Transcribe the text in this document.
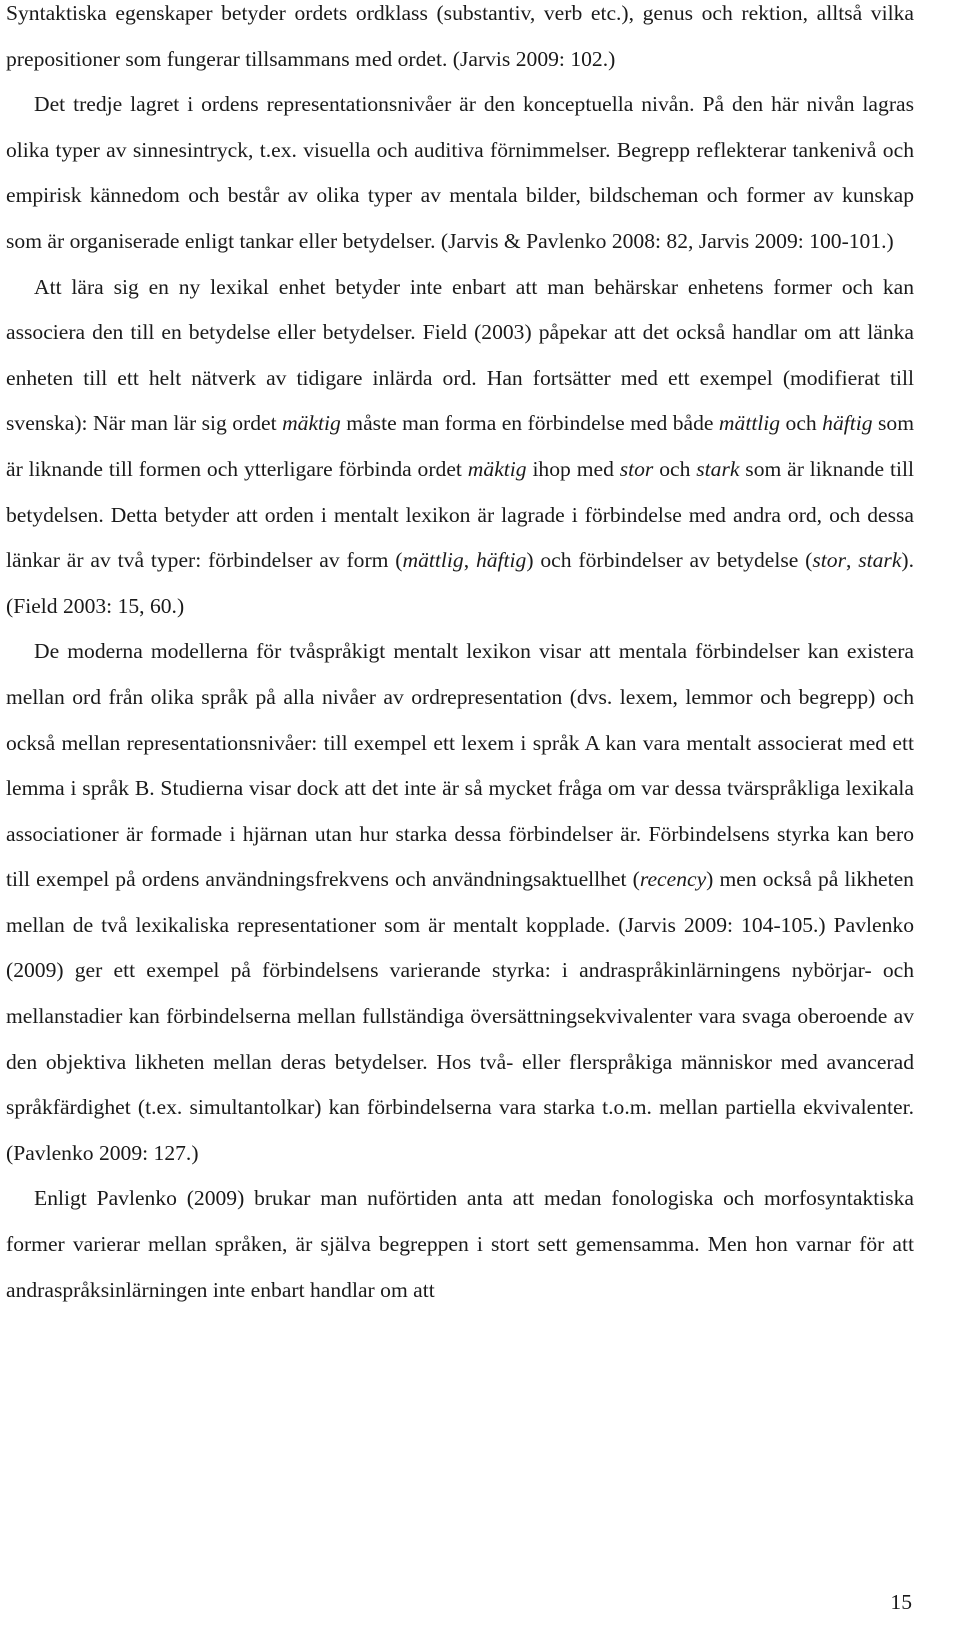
Syntaktiska egenskaper betyder ordets ordklass (substantiv, verb etc.), genus och rektion, alltså vilka prepositioner som fungerar tillsammans med ordet. (Jarvis 2009: 102.)

Det tredje lagret i ordens representationsnivåer är den konceptuella nivån. På den här nivån lagras olika typer av sinnesintryck, t.ex. visuella och auditiva förnimmelser. Begrepp reflekterar tankenivå och empirisk kännedom och består av olika typer av mentala bilder, bildscheman och former av kunskap som är organiserade enligt tankar eller betydelser. (Jarvis & Pavlenko 2008: 82, Jarvis 2009: 100-101.)

Att lära sig en ny lexikal enhet betyder inte enbart att man behärskar enhetens former och kan associera den till en betydelse eller betydelser. Field (2003) påpekar att det också handlar om att länka enheten till ett helt nätverk av tidigare inlärda ord. Han fortsätter med ett exempel (modifierat till svenska): När man lär sig ordet mäktig måste man forma en förbindelse med både mättlig och häftig som är liknande till formen och ytterligare förbinda ordet mäktig ihop med stor och stark som är liknande till betydelsen. Detta betyder att orden i mentalt lexikon är lagrade i förbindelse med andra ord, och dessa länkar är av två typer: förbindelser av form (mättlig, häftig) och förbindelser av betydelse (stor, stark). (Field 2003: 15, 60.)

De moderna modellerna för tvåspråkigt mentalt lexikon visar att mentala förbindelser kan existera mellan ord från olika språk på alla nivåer av ordrepresentation (dvs. lexem, lemmor och begrepp) och också mellan representationsnivåer: till exempel ett lexem i språk A kan vara mentalt associerat med ett lemma i språk B. Studierna visar dock att det inte är så mycket fråga om var dessa tvärspråkliga lexikala associationer är formade i hjärnan utan hur starka dessa förbindelser är. Förbindelsens styrka kan bero till exempel på ordens användningsfrekvens och användningsaktuellhet (recency) men också på likheten mellan de två lexikaliska representationer som är mentalt kopplade. (Jarvis 2009: 104-105.) Pavlenko (2009) ger ett exempel på förbindelsens varierande styrka: i andraspråkinlärningens nybörjar- och mellanstadier kan förbindelserna mellan fullständiga översättningsekvivalenter vara svaga oberoende av den objektiva likheten mellan deras betydelser. Hos två- eller flerspråkiga människor med avancerad språkfärdighet (t.ex. simultantolkar) kan förbindelserna vara starka t.o.m. mellan partiella ekvivalenter. (Pavlenko 2009: 127.)

Enligt Pavlenko (2009) brukar man nuförtiden anta att medan fonologiska och morfosyntaktiska former varierar mellan språken, är själva begreppen i stort sett gemensamma. Men hon varnar för att andraspråksinlärningen inte enbart handlar om att

15
